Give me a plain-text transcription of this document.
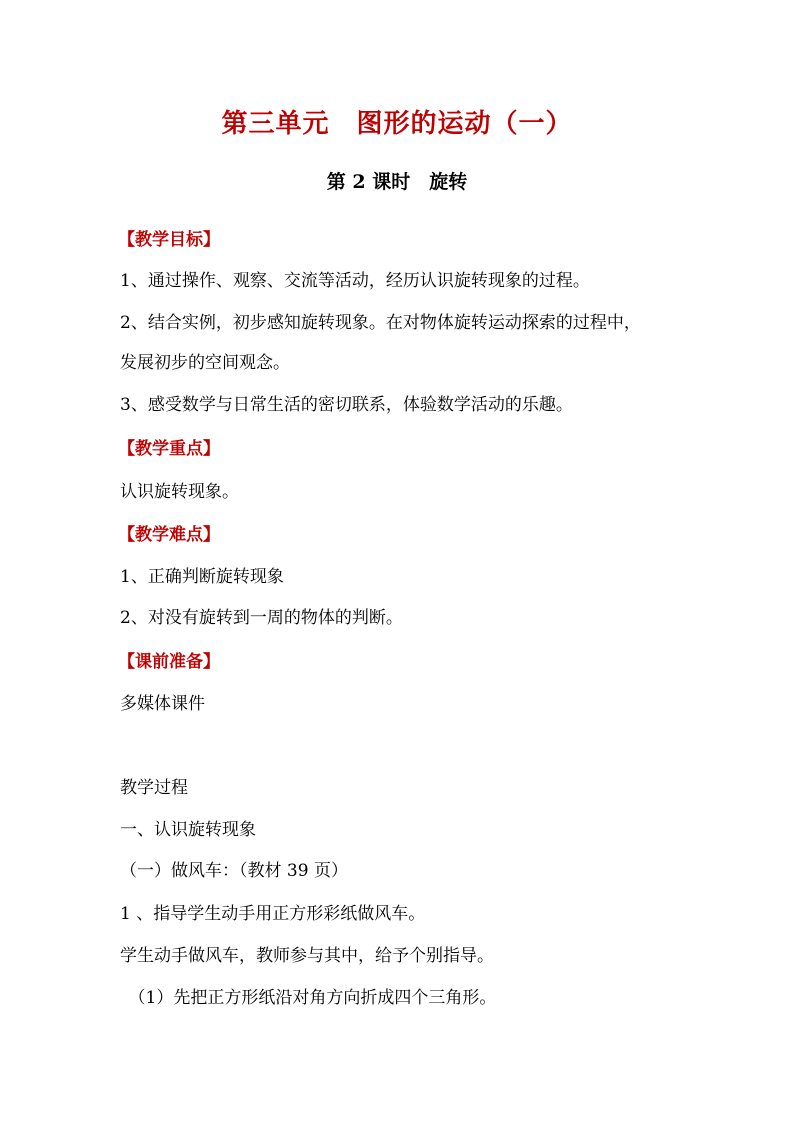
第三单元　图形的运动（一）
第 2 课时　旋转
【教学目标】
1、通过操作、观察、交流等活动，经历认识旋转现象的过程。
2、结合实例，初步感知旋转现象。在对物体旋转运动探索的过程中，
发展初步的空间观念。
3、感受数学与日常生活的密切联系，体验数学活动的乐趣。
【教学重点】
认识旋转现象。
【教学难点】
1、正确判断旋转现象
2、对没有旋转到一周的物体的判断。
【课前准备】
多媒体课件
教学过程
一、认识旋转现象
（一）做风车：（教材 39 页）
1 、指导学生动手用正方形彩纸做风车。
学生动手做风车，教师参与其中，给予个别指导。
　（1）先把正方形纸沿对角方向折成四个三角形。
